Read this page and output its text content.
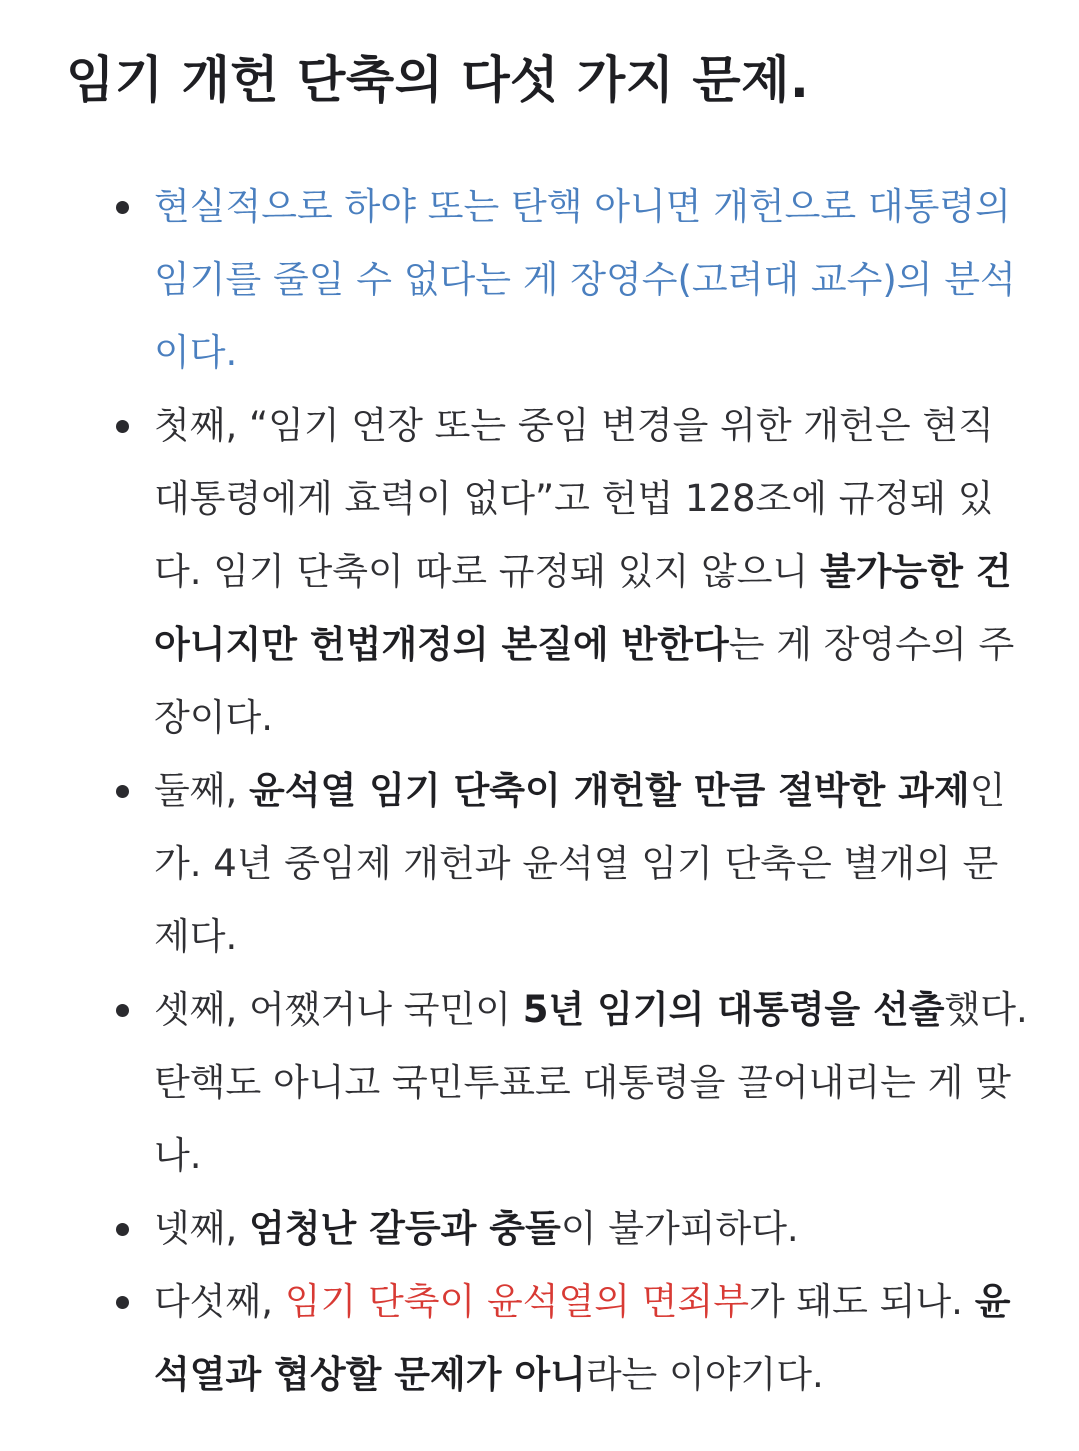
임기 개헌 단축의 다섯 가지 문제.
현실적으로 하야 또는 탄핵 아니면 개헌으로 대통령의 임기를 줄일 수 없다는 게 장영수(고려대 교수)의 분석이다.
첫째, “임기 연장 또는 중임 변경을 위한 개헌은 현직 대통령에게 효력이 없다”고 헌법 128조에 규정돼 있다. 임기 단축이 따로 규정돼 있지 않으니 불가능한 건 아니지만 헌법개정의 본질에 반한다는 게 장영수의 주장이다.
둘째, 윤석열 임기 단축이 개헌할 만큼 절박한 과제인가. 4년 중임제 개헌과 윤석열 임기 단축은 별개의 문제다.
셋째, 어쨌거나 국민이 5년 임기의 대통령을 선출했다. 탄핵도 아니고 국민투표로 대통령을 끌어내리는 게 맞나.
넷째, 엄청난 갈등과 충돌이 불가피하다.
다섯째, 임기 단축이 윤석열의 면죄부가 돼도 되나. 윤석열과 협상할 문제가 아니라는 이야기다.
